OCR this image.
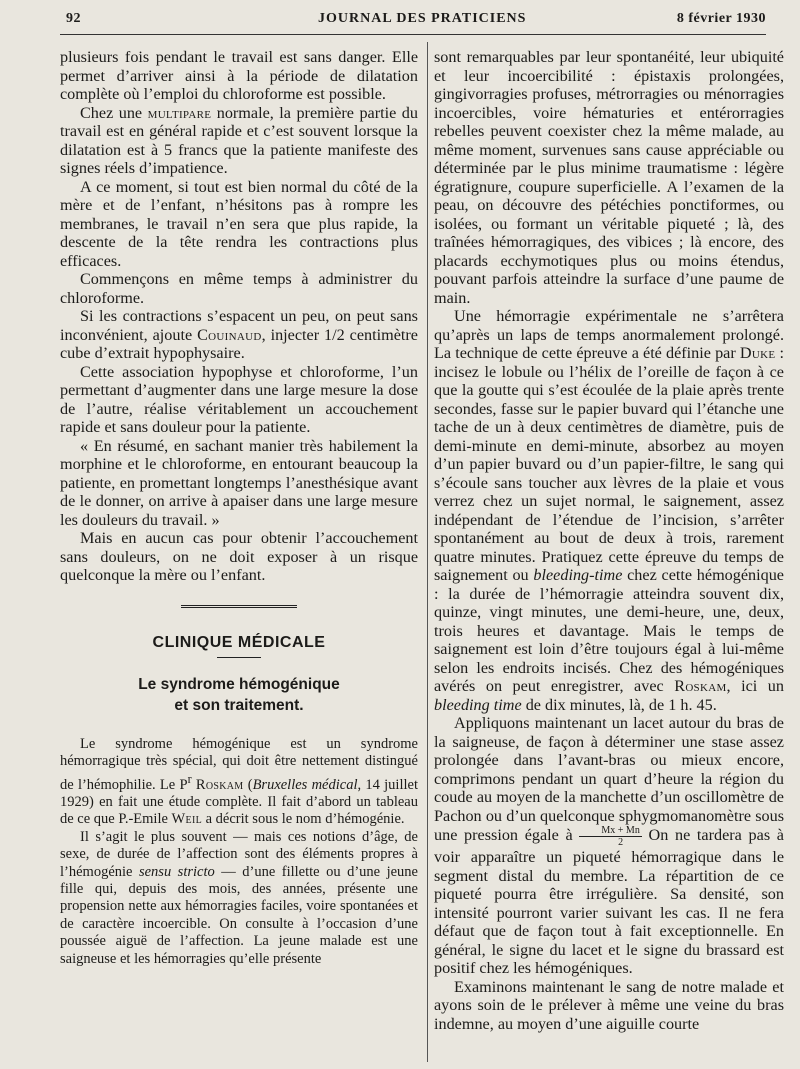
92	JOURNAL DES PRATICIENS	8 février 1930

plusieurs fois pendant le travail est sans danger. Elle permet d’arriver ainsi à la période de dilatation complète où l’emploi du chloroforme est possible.

Chez une multipare normale, la première partie du travail est en général rapide et c’est souvent lorsque la dilatation est à 5 francs que la patiente manifeste des signes réels d’impatience.

A ce moment, si tout est bien normal du côté de la mère et de l’enfant, n’hésitons pas à rompre les membranes, le travail n’en sera que plus rapide, la descente de la tête rendra les contractions plus efficaces.

Commençons en même temps à administrer du chloroforme.

Si les contractions s’espacent un peu, on peut sans inconvénient, ajoute Couinaud, injecter 1/2 centimètre cube d’extrait hypophysaire.

Cette association hypophyse et chloroforme, l’un permettant d’augmenter dans une large mesure la dose de l’autre, réalise véritablement un accouchement rapide et sans douleur pour la patiente.

« En résumé, en sachant manier très habilement la morphine et le chloroforme, en entourant beaucoup la patiente, en promettant longtemps l’anesthésique avant de le donner, on arrive à apaiser dans une large mesure les douleurs du travail. »

Mais en aucun cas pour obtenir l’accouchement sans douleurs, on ne doit exposer à un risque quelconque la mère ou l’enfant.

CLINIQUE MÉDICALE
Le syndrome hémogénique
et son traitement.

Le syndrome hémogénique est un syndrome hémorragique très spécial, qui doit être nettement distingué de l’hémophilie. Le $P^r$ Roskam (Bruxelles médical, 14 juillet 1929) en fait une étude complète. Il fait d’abord un tableau de ce que P.-Emile Weil a décrit sous le nom d’hémogénie.

Il s’agit le plus souvent — mais ces notions d’âge, de sexe, de durée de l’affection sont des éléments propres à l’hémogénie sensu stricto — d’une fillette ou d’une jeune fille qui, depuis des mois, des années, présente une propension nette aux hémorragies faciles, voire spontanées et de caractère incoercible. On consulte à l’occasion d’une poussée aiguë de l’affection. La jeune malade est une saigneuse et les hémorragies qu’elle présente

sont remarquables par leur spontanéité, leur ubiquité et leur incoercibilité : épistaxis prolongées, gingivorragies profuses, métrorragies ou ménorragies incoercibles, voire hématuries et entérorragies rebelles peuvent coexister chez la même malade, au même moment, survenues sans cause appréciable ou déterminée par le plus minime traumatisme : légère égratignure, coupure superficielle. A l’examen de la peau, on découvre des pétéchies ponctiformes, ou isolées, ou formant un véritable piqueté ; là, des traînées hémorragiques, des vibices ; là encore, des placards ecchymotiques plus ou moins étendus, pouvant parfois atteindre la surface d’une paume de main.

Une hémorragie expérimentale ne s’arrêtera qu’après un laps de temps anormalement prolongé. La technique de cette épreuve a été définie par Duke : incisez le lobule ou l’hélix de l’oreille de façon à ce que la goutte qui s’est écoulée de la plaie après trente secondes, fasse sur le papier buvard qui l’étanche une tache de un à deux centimètres de diamètre, puis de demi-minute en demi-minute, absorbez au moyen d’un papier buvard ou d’un papier-filtre, le sang qui s’écoule sans toucher aux lèvres de la plaie et vous verrez chez un sujet normal, le saignement, assez indépendant de l’étendue de l’incision, s’arrêter spontanément au bout de deux à trois, rarement quatre minutes. Pratiquez cette épreuve du temps de saignement ou bleeding-time chez cette hémogénique : la durée de l’hémorragie atteindra souvent dix, quinze, vingt minutes, une demi-heure, une, deux, trois heures et davantage. Mais le temps de saignement est loin d’être toujours égal à lui-même selon les endroits incisés. Chez des hémogéniques avérés on peut enregistrer, avec Roskam, ici un bleeding time de dix minutes, là, de 1 h. 45.

Appliquons maintenant un lacet autour du bras de la saigneuse, de façon à déterminer une stase assez prolongée dans l’avant-bras ou mieux encore, comprimons pendant un quart d’heure la région du coude au moyen de la manchette d’un oscillomètre de Pachon ou d’un quelconque sphygmomanomètre sous une pression égale à $\frac{Mx + Mn}{2}$ On ne tardera pas à voir apparaître un piqueté hémorragique dans le segment distal du membre. La répartition de ce piqueté pourra être irrégulière. Sa densité, son intensité pourront varier suivant les cas. Il ne fera défaut que de façon tout à fait exceptionnelle. En général, le signe du lacet et le signe du brassard est positif chez les hémogéniques.

Examinons maintenant le sang de notre malade et ayons soin de le prélever à même une veine du bras indemne, au moyen d’une aiguille courte
